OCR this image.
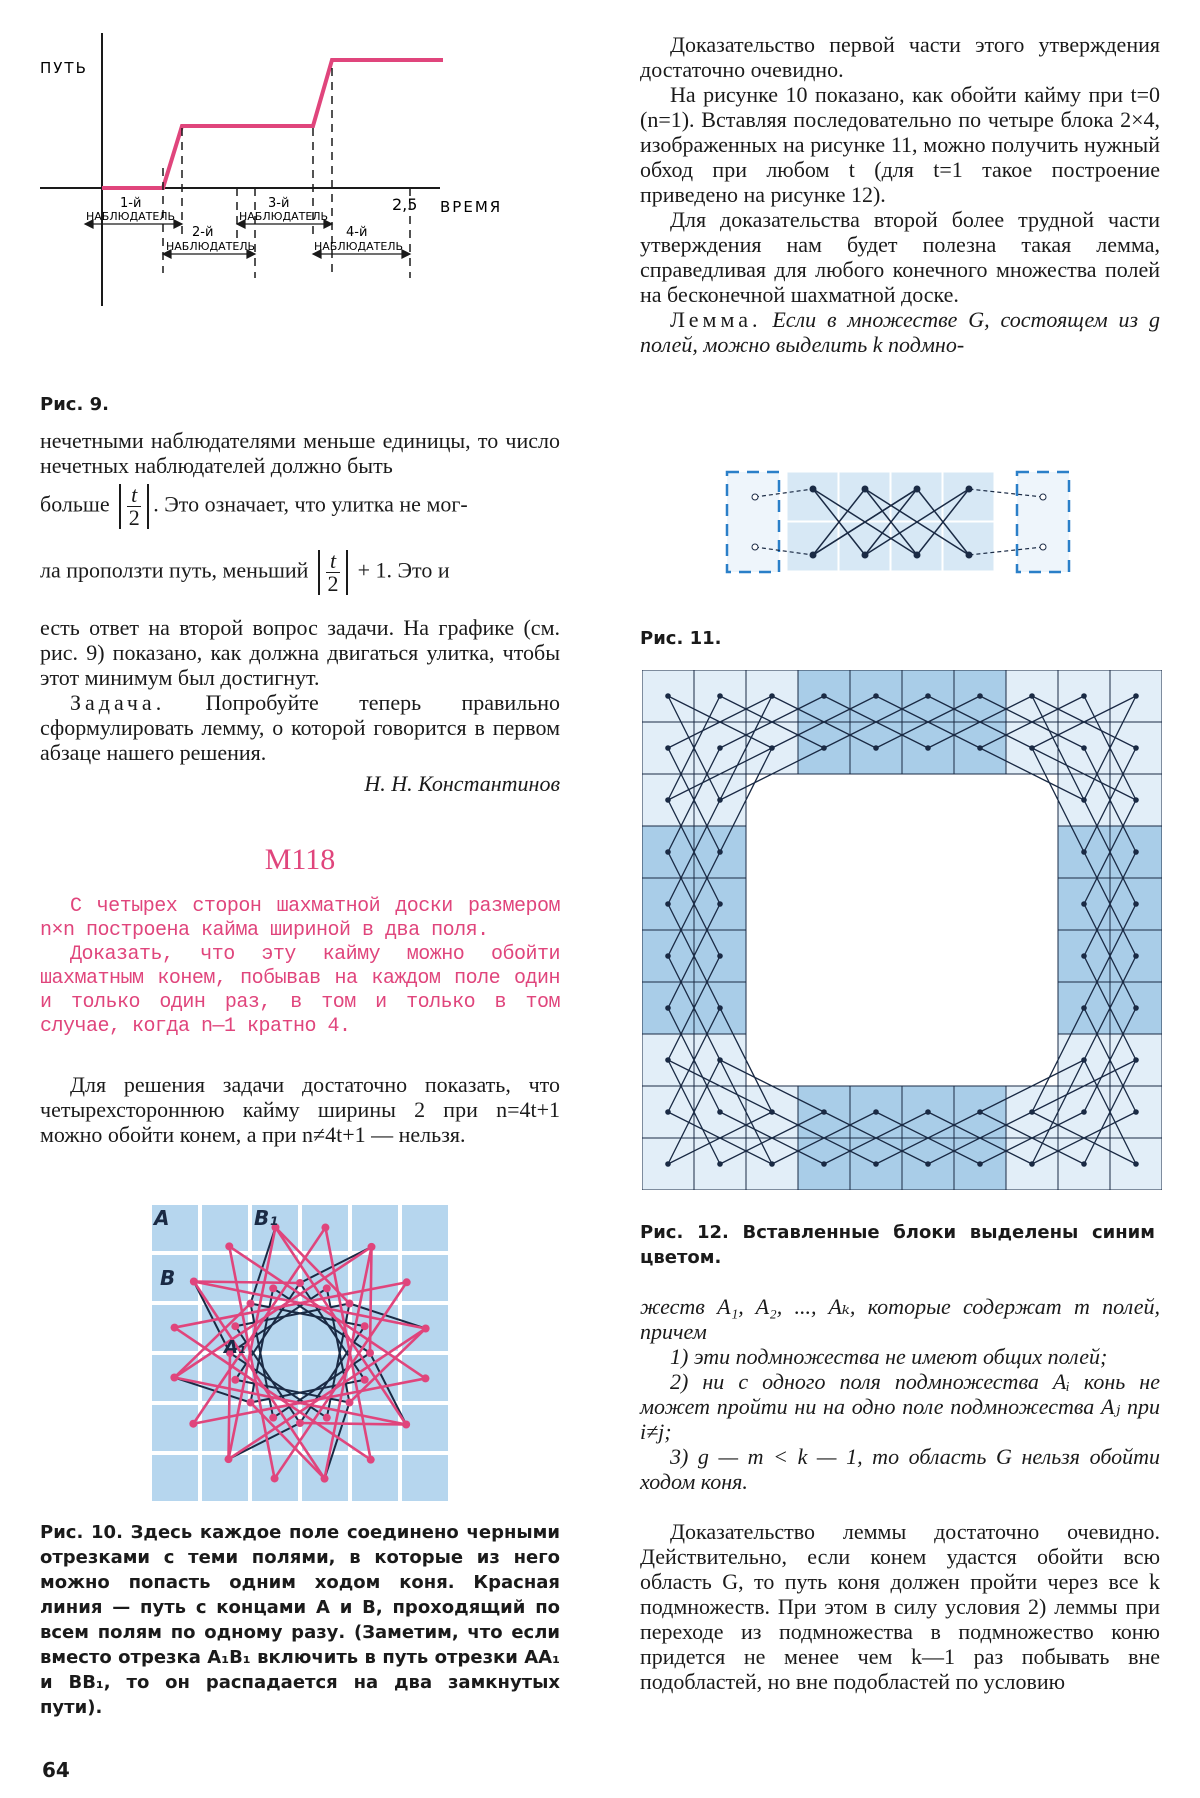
ПУТЬ
ВРЕМЯ
2,5
1-й
НАБЛЮДАТЕЛЬ
2-й
НАБЛЮДАТЕЛЬ
3-й
НАБЛЮДАТЕЛЬ
4-й
НАБЛЮДАТЕЛЬ
Рис. 9.

нечетными наблюдателями меньше единицы, то число нечетных наблюдателей должно быть

больше $\frac{t}{2}$ . Это означает, что улитка не мог-
ла проползти путь, меньший $\frac{t}{2} + 1$. Это и

есть ответ на второй вопрос задачи. На графике (см. рис. 9) показано, как должна двигаться улитка, чтобы этот минимум был достигнут.

Задача. Попробуйте теперь правильно сформулировать лемму, о которой говорится в первом абзаце нашего решения.

Н. Н. Константинов

М118

С четырех сторон шахматной доски размером n×n построена кайма шириной в два поля.

Доказать, что эту кайму можно обойти шахматным конем, побывав на каждом поле один и только один раз, в том и только в том случае, когда n—1 кратно 4.

Для решения задачи достаточно показать, что четырехстороннюю кайму ширины 2 при n=4t+1 можно обойти конем, а при n≠4t+1 — нельзя.

A
B
B₁
A₁
Рис. 10. Здесь каждое поле соединено черными отрезками с теми полями, в которые из него можно попасть одним ходом коня. Красная линия — путь с концами A и B, проходящий по всем полям по одному разу. (Заметим, что если вместо отрезка A₁B₁ включить в путь отрезки AA₁ и BB₁, то он распадается на два замкнутых пути).
64

Доказательство первой части этого утверждения достаточно очевидно.

На рисунке 10 показано, как обойти кайму при t=0 (n=1). Вставляя последовательно по четыре блока 2×4, изображенных на рисунке 11, можно получить нужный обход при любом t (для t=1 такое построение приведено на рисунке 12).

Для доказательства второй более трудной части утверждения нам будет полезна такая лемма, справедливая для любого конечного множества полей на бесконечной шахматной доске.

Лемма. Если в множестве G, состоящем из g полей, можно выделить k подмно-

Рис. 11.
Рис. 12. Вставленные блоки выделены синим цветом.

жеств A₁, A₂, ..., Aₖ, которые содержат m полей, причем

1) эти подмножества не имеют общих полей;

2) ни с одного поля подмножества Aᵢ конь не может пройти ни на одно поле подмножества Aⱼ при i≠j;

3) g — m < k — 1, то область G нельзя обойти ходом коня.

Доказательство леммы достаточно очевидно. Действительно, если конем удастся обойти всю область G, то путь коня должен пройти через все k подмножеств. При этом в силу условия 2) леммы при переходе из подмножества в подмножество коню придется не менее чем k—1 раз побывать вне подобластей, но вне подобластей по условию
